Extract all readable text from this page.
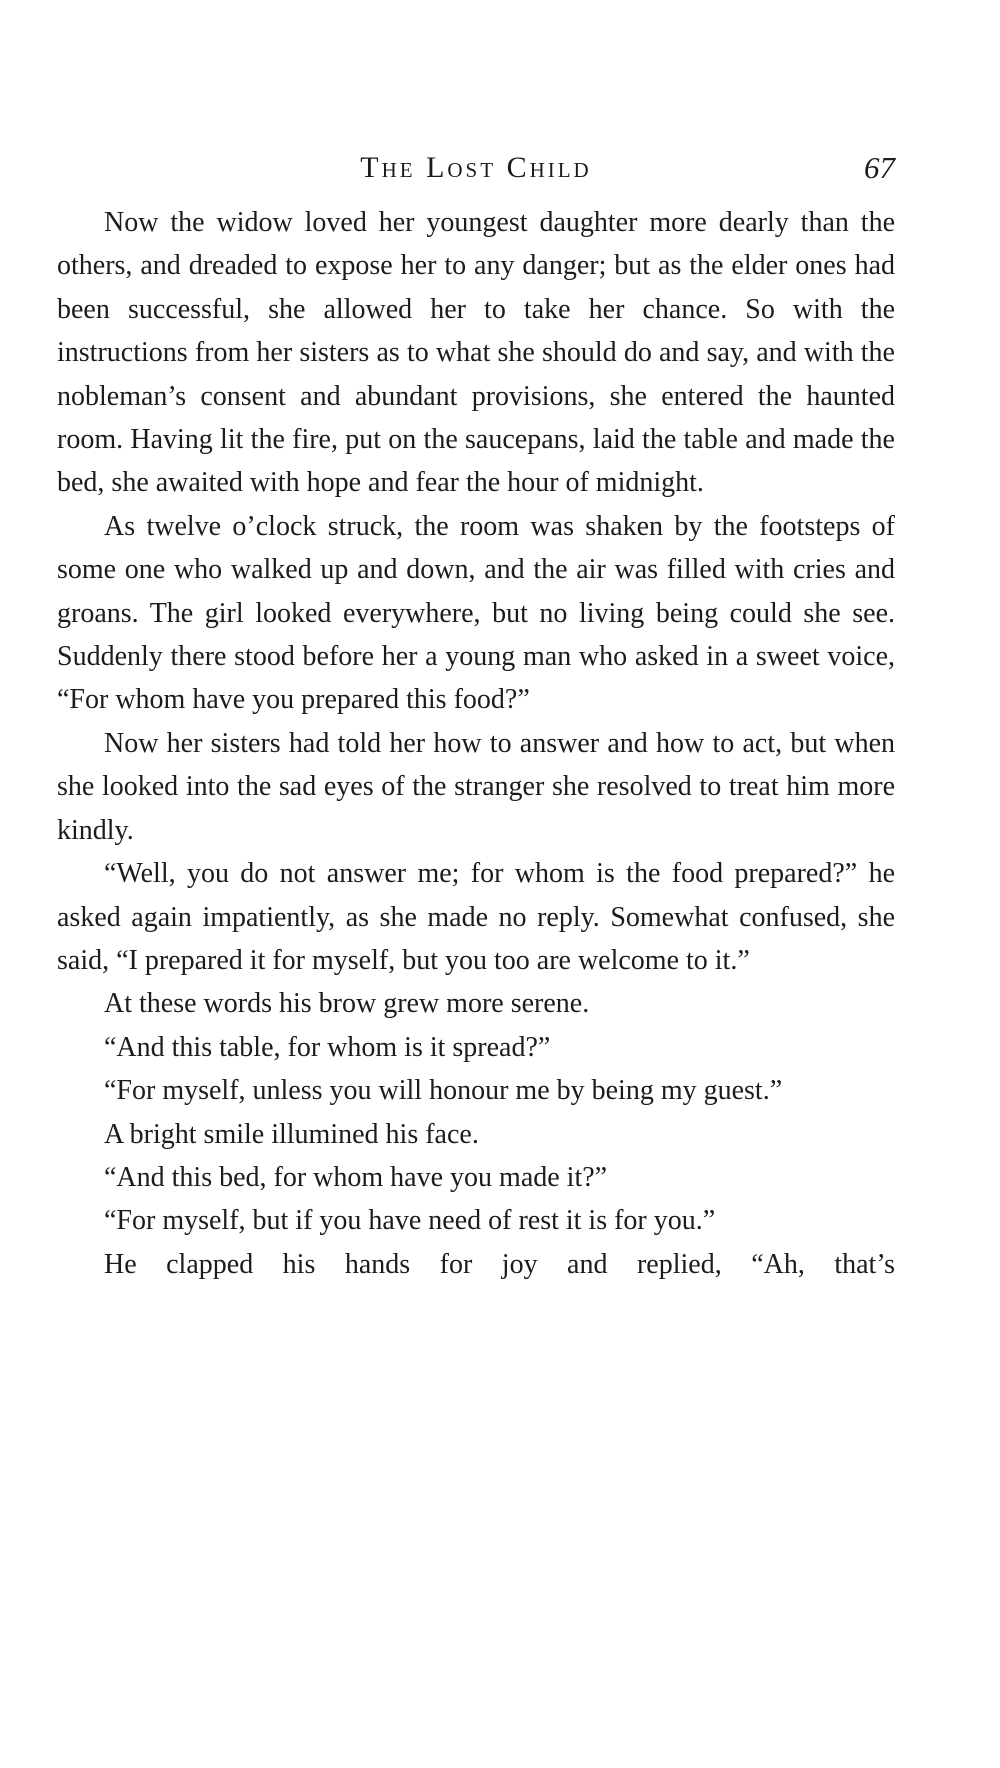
The Lost Child	67

Now the widow loved her youngest daughter more dearly than the others, and dreaded to expose her to any danger; but as the elder ones had been successful, she allowed her to take her chance. So with the instructions from her sisters as to what she should do and say, and with the nobleman’s consent and abundant provisions, she entered the haunted room. Having lit the fire, put on the saucepans, laid the table and made the bed, she awaited with hope and fear the hour of midnight.

As twelve o’clock struck, the room was shaken by the footsteps of some one who walked up and down, and the air was filled with cries and groans. The girl looked everywhere, but no living being could she see. Suddenly there stood before her a young man who asked in a sweet voice, “For whom have you prepared this food?”

Now her sisters had told her how to answer and how to act, but when she looked into the sad eyes of the stranger she resolved to treat him more kindly.

“Well, you do not answer me; for whom is the food prepared?” he asked again impatiently, as she made no reply. Somewhat confused, she said, “I prepared it for myself, but you too are welcome to it.”

At these words his brow grew more serene.

“And this table, for whom is it spread?”

“For myself, unless you will honour me by being my guest.”

A bright smile illumined his face.

“And this bed, for whom have you made it?”

“For myself, but if you have need of rest it is for you.”

He clapped his hands for joy and replied, “Ah, that’s
